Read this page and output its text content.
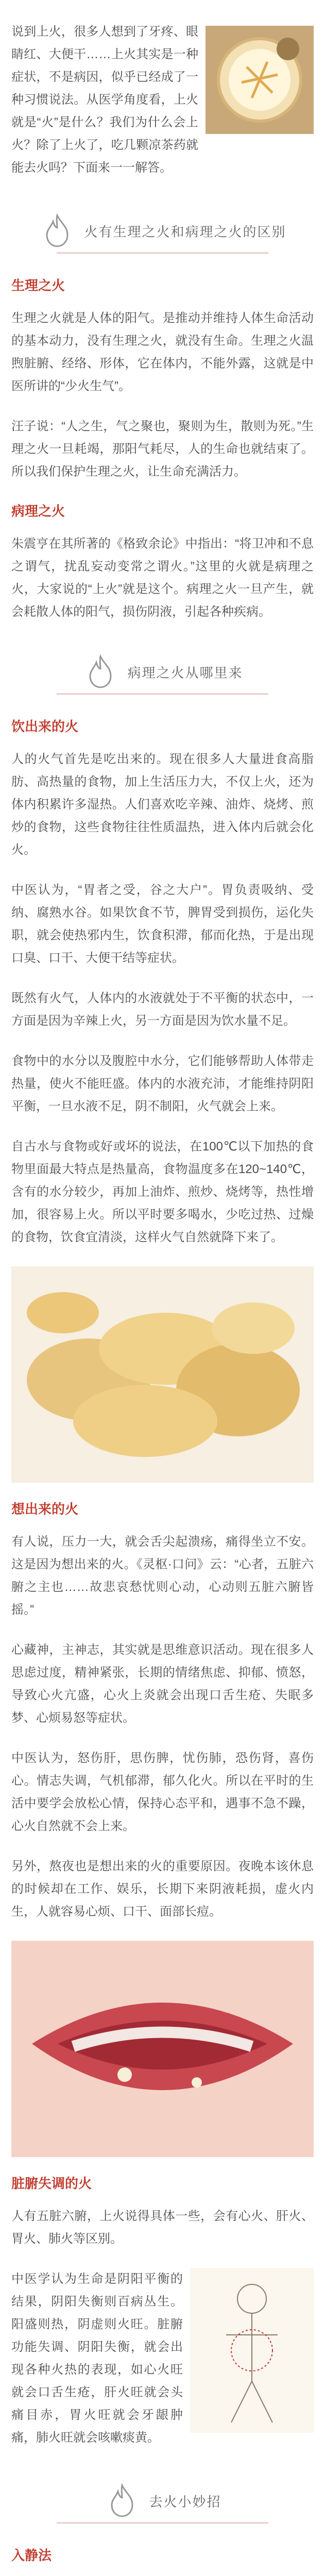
说到上火，很多人想到了牙疼、眼睛红、大便干……上火其实是一种症状，不是病因，似乎已经成了一种习惯说法。从医学角度看，上火就是“火”是什么？我们为什么会上火？除了上火了，吃几颗凉茶药就能去火吗？下面来一一解答。
火有生理之火和病理之火的区别
生理之火

生理之火就是人体的阳气。是推动并维持人体生命活动的基本动力，没有生理之火，就没有生命。生理之火温煦脏腑、经络、形体，它在体内，不能外露，这就是中医所讲的“少火生气”。

汪子说：“人之生，气之聚也，聚则为生，散则为死。”生理之火一旦耗竭，那阳气耗尽，人的生命也就结束了。所以我们保护生理之火，让生命充满活力。

病理之火

朱震亨在其所著的《格致余论》中指出：“将卫冲和不息之谓气，扰乱妄动变常之谓火。”这里的火就是病理之火，大家说的“上火”就是这个。病理之火一旦产生，就会耗散人体的阳气，损伤阴液，引起各种疾病。

病理之火从哪里来
饮出来的火

人的火气首先是吃出来的。现在很多人大量进食高脂肪、高热量的食物，加上生活压力大，不仅上火，还为体内积累许多湿热。人们喜欢吃辛辣、油炸、烧烤、煎炒的食物，这些食物往往性质温热，进入体内后就会化火。

中医认为，“胃者之受，谷之大户”。胃负责吸纳、受纳、腐熟水谷。如果饮食不节，脾胃受到损伤，运化失职，就会使热邪内生，饮食积滞，郁而化热，于是出现口臭、口干、大便干结等症状。

既然有火气，人体内的水液就处于不平衡的状态中，一方面是因为辛辣上火，另一方面是因为饮水量不足。

食物中的水分以及腹腔中水分，它们能够帮助人体带走热量，使火不能旺盛。体内的水液充沛，才能维持阴阳平衡，一旦水液不足，阴不制阳，火气就会上来。

自古水与食物或好或坏的说法，在100℃以下加热的食物里面最大特点是热量高，食物温度多在120~140℃，含有的水分较少，再加上油炸、煎炒、烧烤等，热性增加，很容易上火。所以平时要多喝水，少吃过热、过燥的食物，饮食宜清淡，这样火气自然就降下来了。

想出来的火

有人说，压力一大，就会舌尖起溃疡，痛得坐立不安。这是因为想出来的火。《灵枢·口问》云：“心者，五脏六腑之主也……故悲哀愁忧则心动，心动则五脏六腑皆摇。”

心藏神，主神志，其实就是思维意识活动。现在很多人思虑过度，精神紧张，长期的情绪焦虑、抑郁、愤怒，导致心火亢盛，心火上炎就会出现口舌生疮、失眠多梦、心烦易怒等症状。

中医认为，怒伤肝，思伤脾，忧伤肺，恐伤肾，喜伤心。情志失调，气机郁滞，郁久化火。所以在平时的生活中要学会放松心情，保持心态平和，遇事不急不躁，心火自然就不会上来。

另外，熬夜也是想出来的火的重要原因。夜晚本该休息的时候却在工作、娱乐，长期下来阴液耗损，虚火内生，人就容易心烦、口干、面部长痘。

脏腑失调的火

人有五脏六腑，上火说得具体一些，会有心火、肝火、胃火、肺火等区别。

中医学认为生命是阴阳平衡的结果，阴阳失衡则百病丛生。阳盛则热，阴虚则火旺。脏腑功能失调、阴阳失衡，就会出现各种火热的表现，如心火旺就会口舌生疮，肝火旺就会头痛目赤，胃火旺就会牙龈肿痛，肺火旺就会咳嗽痰黄。
去火小妙招
入静法
